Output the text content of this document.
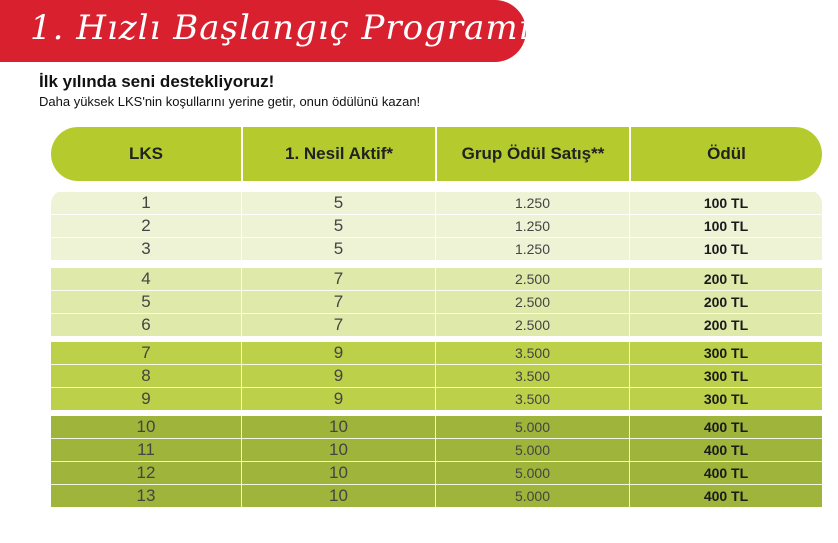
1. Hızlı Başlangıç Programı
İlk yılında seni destekliyoruz!
Daha yüksek LKS'nin koşullarını yerine getir, onun ödülünü kazan!
LKS	1. Nesil Aktif*	Grup Ödül Satış**	Ödül
1	5	1.250	100 TL
2	5	1.250	100 TL
3	5	1.250	100 TL
4	7	2.500	200 TL
5	7	2.500	200 TL
6	7	2.500	200 TL
7	9	3.500	300 TL
8	9	3.500	300 TL
9	9	3.500	300 TL
10	10	5.000	400 TL
11	10	5.000	400 TL
12	10	5.000	400 TL
13	10	5.000	400 TL
